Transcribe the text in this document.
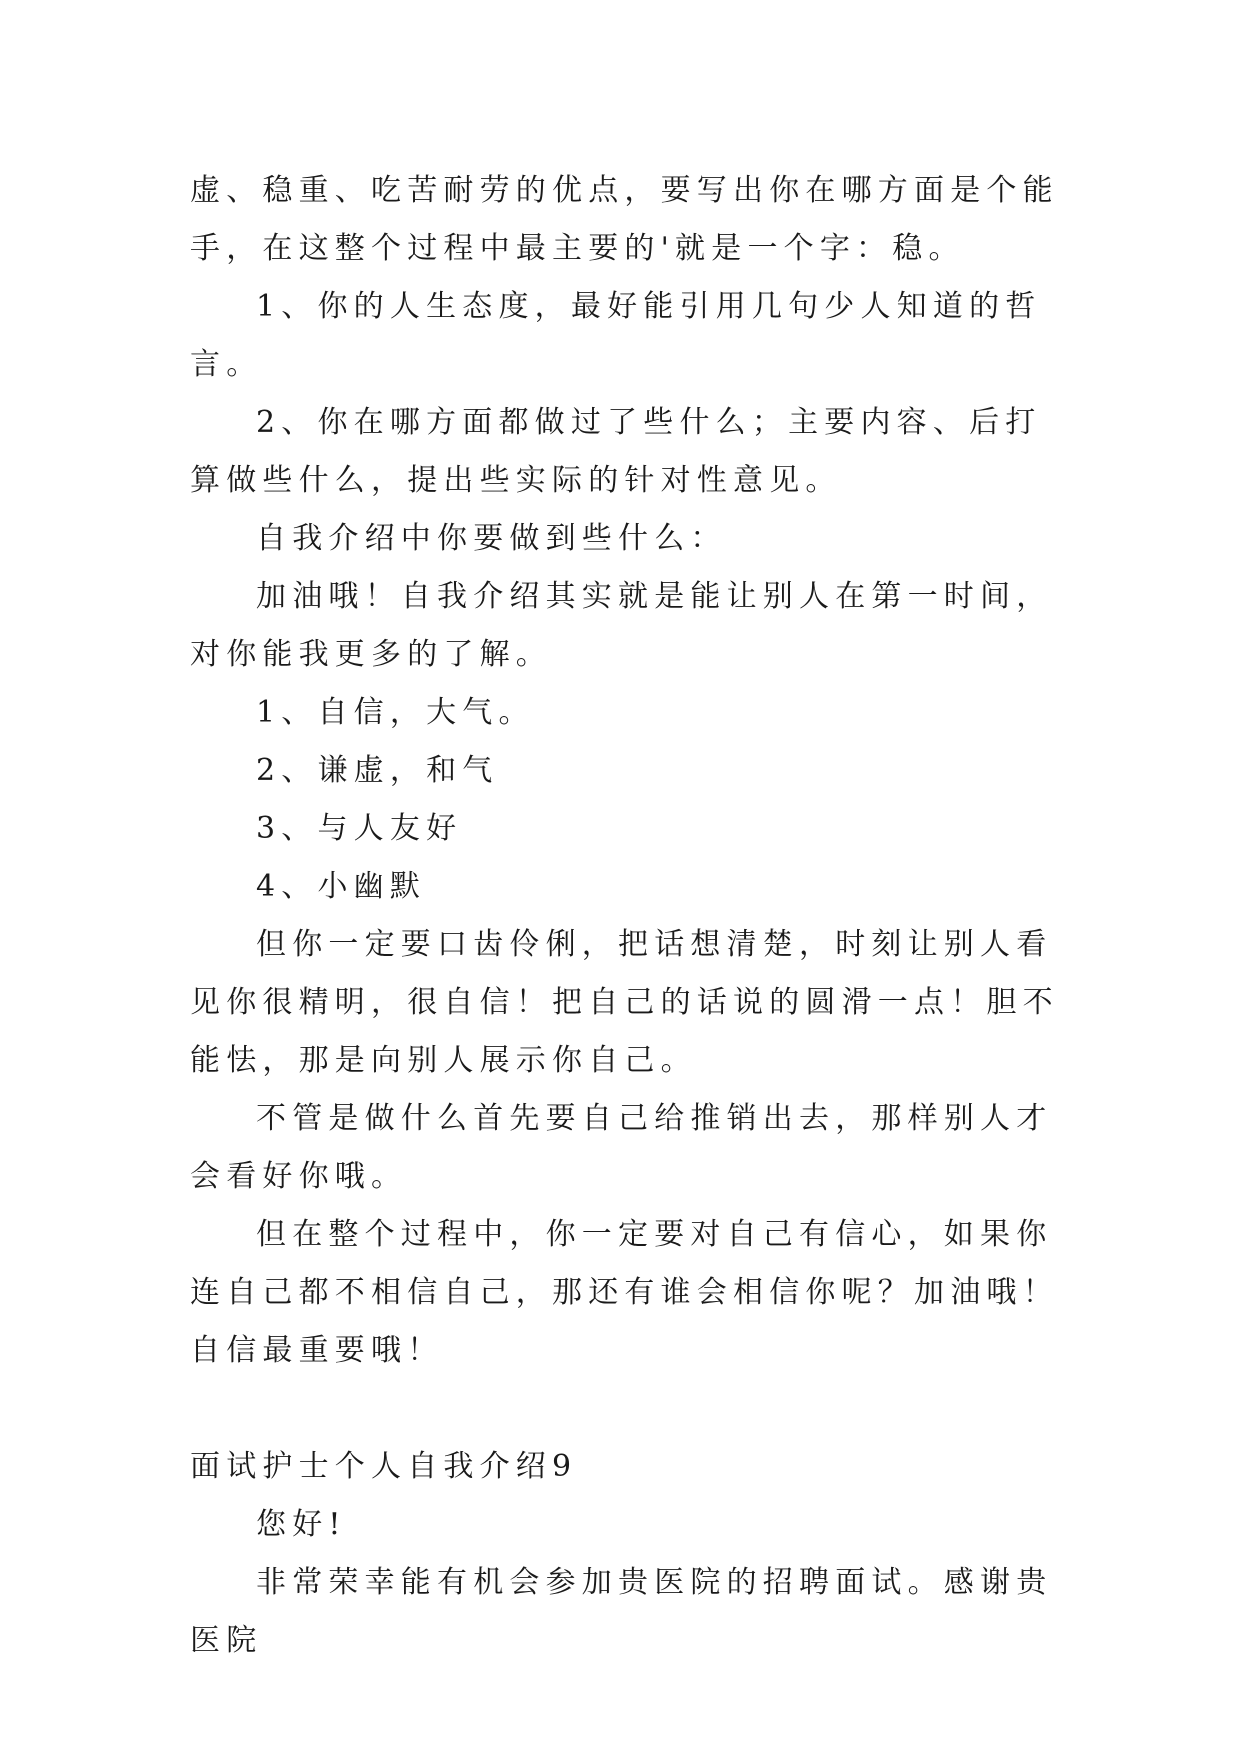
虚、稳重、吃苦耐劳的优点，要写出你在哪方面是个能手，在这整个过程中最主要的'就是一个字：稳。

1、你的人生态度，最好能引用几句少人知道的哲言。

2、你在哪方面都做过了些什么；主要内容、后打算做些什么，提出些实际的针对性意见。

自我介绍中你要做到些什么：

加油哦！自我介绍其实就是能让别人在第一时间，对你能我更多的了解。

1、自信，大气。

2、谦虚，和气

3、与人友好

4、小幽默

但你一定要口齿伶俐，把话想清楚，时刻让别人看见你很精明，很自信！把自己的话说的圆滑一点！胆不能怯，那是向别人展示你自己。

不管是做什么首先要自己给推销出去，那样别人才会看好你哦。

但在整个过程中，你一定要对自己有信心，如果你连自己都不相信自己，那还有谁会相信你呢？加油哦！自信最重要哦！

面试护士个人自我介绍9

您好!

非常荣幸能有机会参加贵医院的招聘面试。感谢贵医院
